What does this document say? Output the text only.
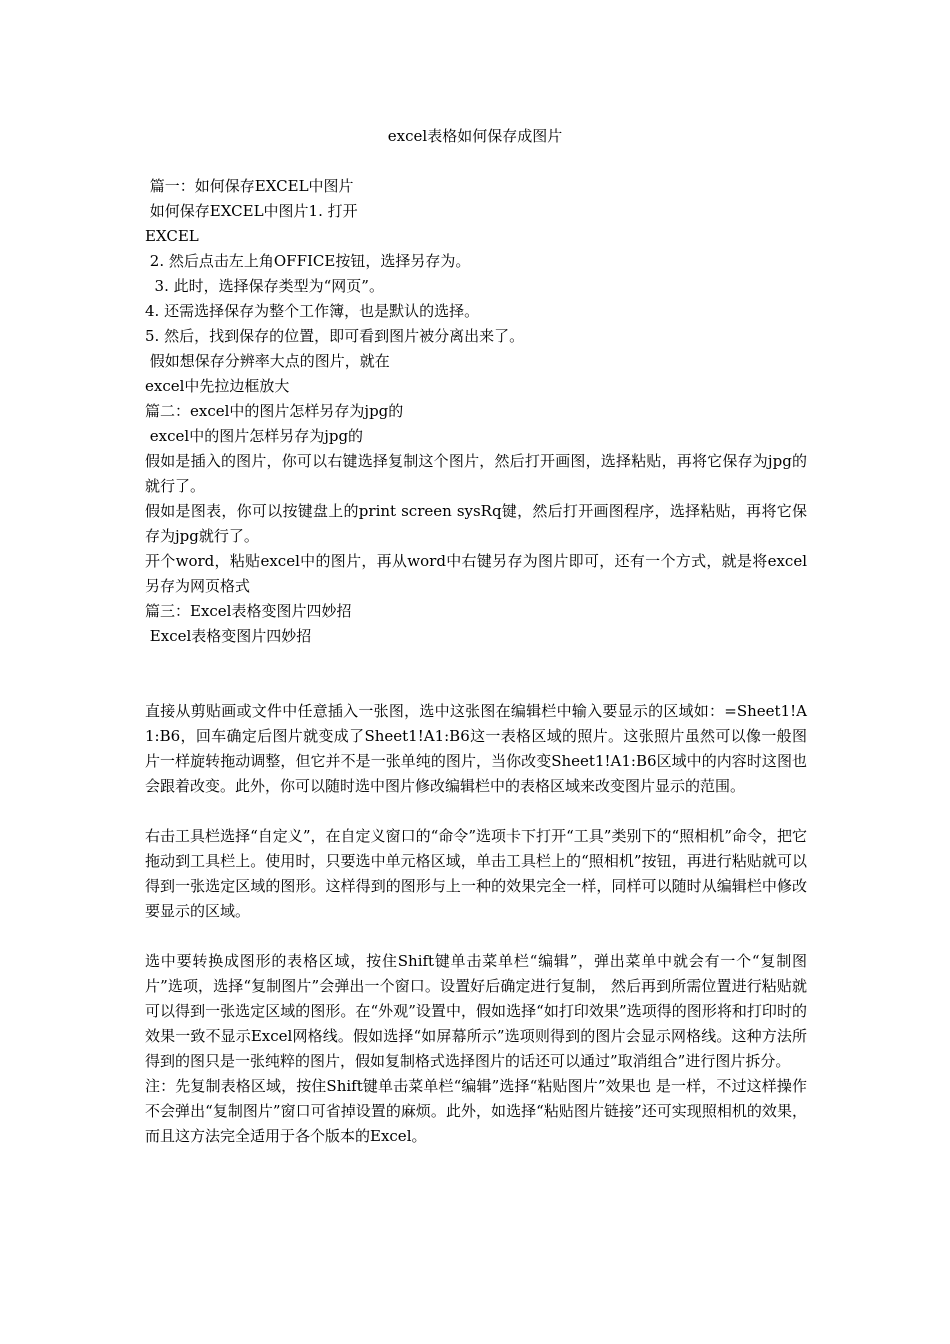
excel表格如何保存成图片
篇一：如何保存EXCEL中图片
如何保存EXCEL中图片1. 打开
EXCEL
2. 然后点击左上角OFFICE按钮，选择另存为。
3. 此时，选择保存类型为“网页”。
4. 还需选择保存为整个工作簿，也是默认的选择。
5. 然后，找到保存的位置，即可看到图片被分离出来了。
假如想保存分辨率大点的图片，就在
excel中先拉边框放大
篇二：excel中的图片怎样另存为jpg的
excel中的图片怎样另存为jpg的
假如是插入的图片，你可以右键选择复制这个图片，然后打开画图，选择粘贴，再将它保存为jpg的就行了。
假如是图表，你可以按键盘上的print screen sysRq键，然后打开画图程序，选择粘贴，再将它保存为jpg就行了。
开个word，粘贴excel中的图片，再从word中右键另存为图片即可，还有一个方式，就是将excel另存为网页格式
篇三：Excel表格变图片四妙招
Excel表格变图片四妙招
直接从剪贴画或文件中任意插入一张图，选中这张图在编辑栏中输入要显示的区域如：=Sheet1!A1:B6，回车确定后图片就变成了Sheet1!A1:B6这一表格区域的照片。这张照片虽然可以像一般图片一样旋转拖动调整，但它并不是一张单纯的图片，当你改变Sheet1!A1:B6区域中的内容时这图也会跟着改变。此外，你可以随时选中图片修改编辑栏中的表格区域来改变图片显示的范围。
右击工具栏选择“自定义”，在自定义窗口的“命令”选项卡下打开“工具”类别下的“照相机”命令，把它拖动到工具栏上。使用时，只要选中单元格区域，单击工具栏上的“照相机”按钮，再进行粘贴就可以得到一张选定区域的图形。这样得到的图形与上一种的效果完全一样，同样可以随时从编辑栏中修改要显示的区域。
选中要转换成图形的表格区域，按住Shift键单击菜单栏“编辑”，弹出菜单中就会有一个“复制图片”选项，选择“复制图片”会弹出一个窗口。设置好后确定进行复制， 然后再到所需位置进行粘贴就可以得到一张选定区域的图形。在“外观”设置中，假如选择“如打印效果”选项得的图形将和打印时的效果一致不显示Excel网格线。假如选择“如屏幕所示”选项则得到的图片会显示网格线。这种方法所得到的图只是一张纯粹的图片，假如复制格式选择图片的话还可以通过”取消组合”进行图片拆分。
注：先复制表格区域，按住Shift键单击菜单栏“编辑”选择“粘贴图片”效果也 是一样，不过这样操作不会弹出“复制图片”窗口可省掉设置的麻烦。此外，如选择“粘贴图片链接”还可实现照相机的效果，而且这方法完全适用于各个版本的Excel。
